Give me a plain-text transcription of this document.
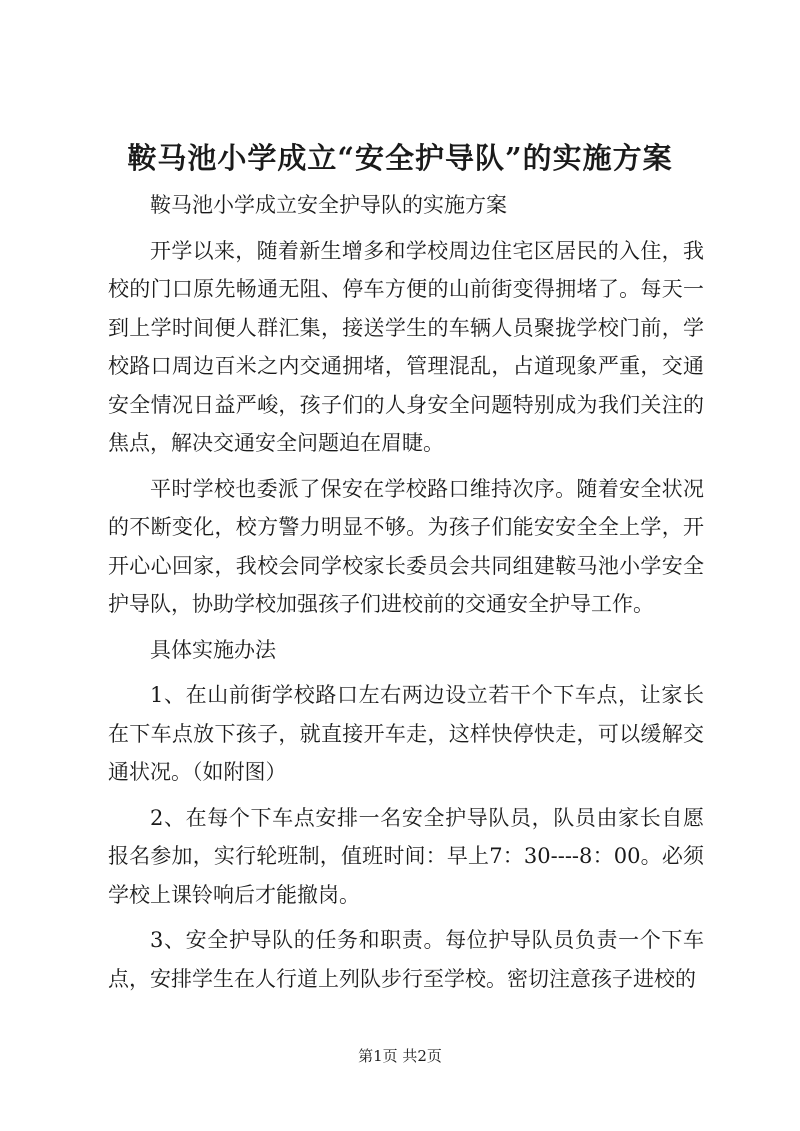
鞍马池小学成立“安全护导队”的实施方案

鞍马池小学成立安全护导队的实施方案

开学以来，随着新生增多和学校周边住宅区居民的入住，我校的门口原先畅通无阻、停车方便的山前街变得拥堵了。每天一到上学时间便人群汇集，接送学生的车辆人员聚拢学校门前，学校路口周边百米之内交通拥堵，管理混乱，占道现象严重，交通安全情况日益严峻，孩子们的人身安全问题特别成为我们关注的焦点，解决交通安全问题迫在眉睫。

平时学校也委派了保安在学校路口维持次序。随着安全状况的不断变化，校方警力明显不够。为孩子们能安安全全上学，开开心心回家，我校会同学校家长委员会共同组建鞍马池小学安全护导队，协助学校加强孩子们进校前的交通安全护导工作。

具体实施办法

1、在山前街学校路口左右两边设立若干个下车点，让家长在下车点放下孩子，就直接开车走，这样快停快走，可以缓解交通状况。（如附图）

2、在每个下车点安排一名安全护导队员，队员由家长自愿报名参加，实行轮班制，值班时间：早上7：30----8：00。必须学校上课铃响后才能撤岗。

3、安全护导队的任务和职责。每位护导队员负责一个下车点，安排学生在人行道上列队步行至学校。密切注意孩子进校的

第1页 共2页
